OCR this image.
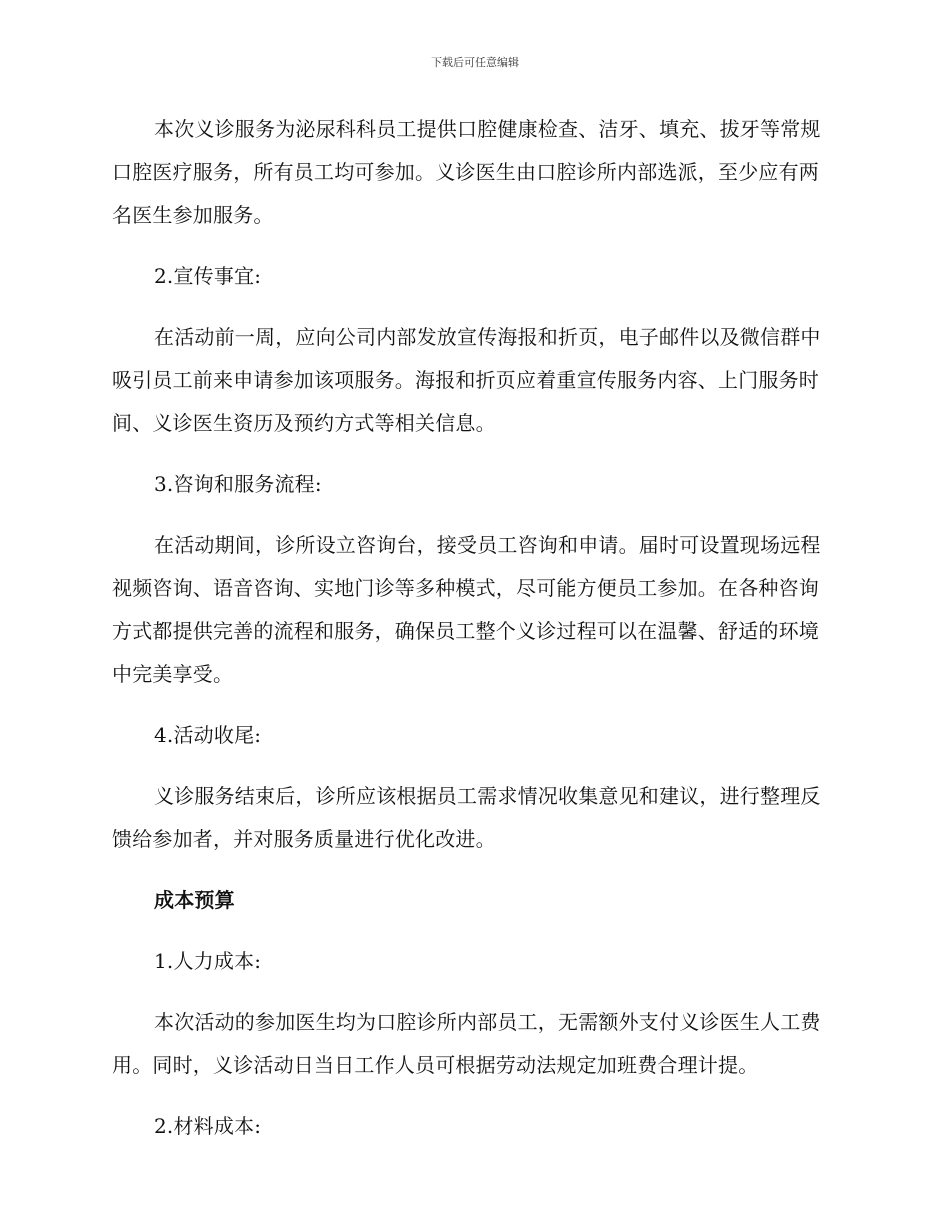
下载后可任意编辑

本次义诊服务为泌尿科科员工提供口腔健康检查、洁牙、填充、拔牙等常规口腔医疗服务，所有员工均可参加。义诊医生由口腔诊所内部选派，至少应有两名医生参加服务。

2.宣传事宜:

在活动前一周，应向公司内部发放宣传海报和折页，电子邮件以及微信群中吸引员工前来申请参加该项服务。海报和折页应着重宣传服务内容、上门服务时间、义诊医生资历及预约方式等相关信息。

3.咨询和服务流程:

在活动期间，诊所设立咨询台，接受员工咨询和申请。届时可设置现场远程视频咨询、语音咨询、实地门诊等多种模式，尽可能方便员工参加。在各种咨询方式都提供完善的流程和服务，确保员工整个义诊过程可以在温馨、舒适的环境中完美享受。

4.活动收尾:

义诊服务结束后，诊所应该根据员工需求情况收集意见和建议，进行整理反馈给参加者，并对服务质量进行优化改进。

成本预算

1.人力成本:

本次活动的参加医生均为口腔诊所内部员工，无需额外支付义诊医生人工费用。同时，义诊活动日当日工作人员可根据劳动法规定加班费合理计提。

2.材料成本:
